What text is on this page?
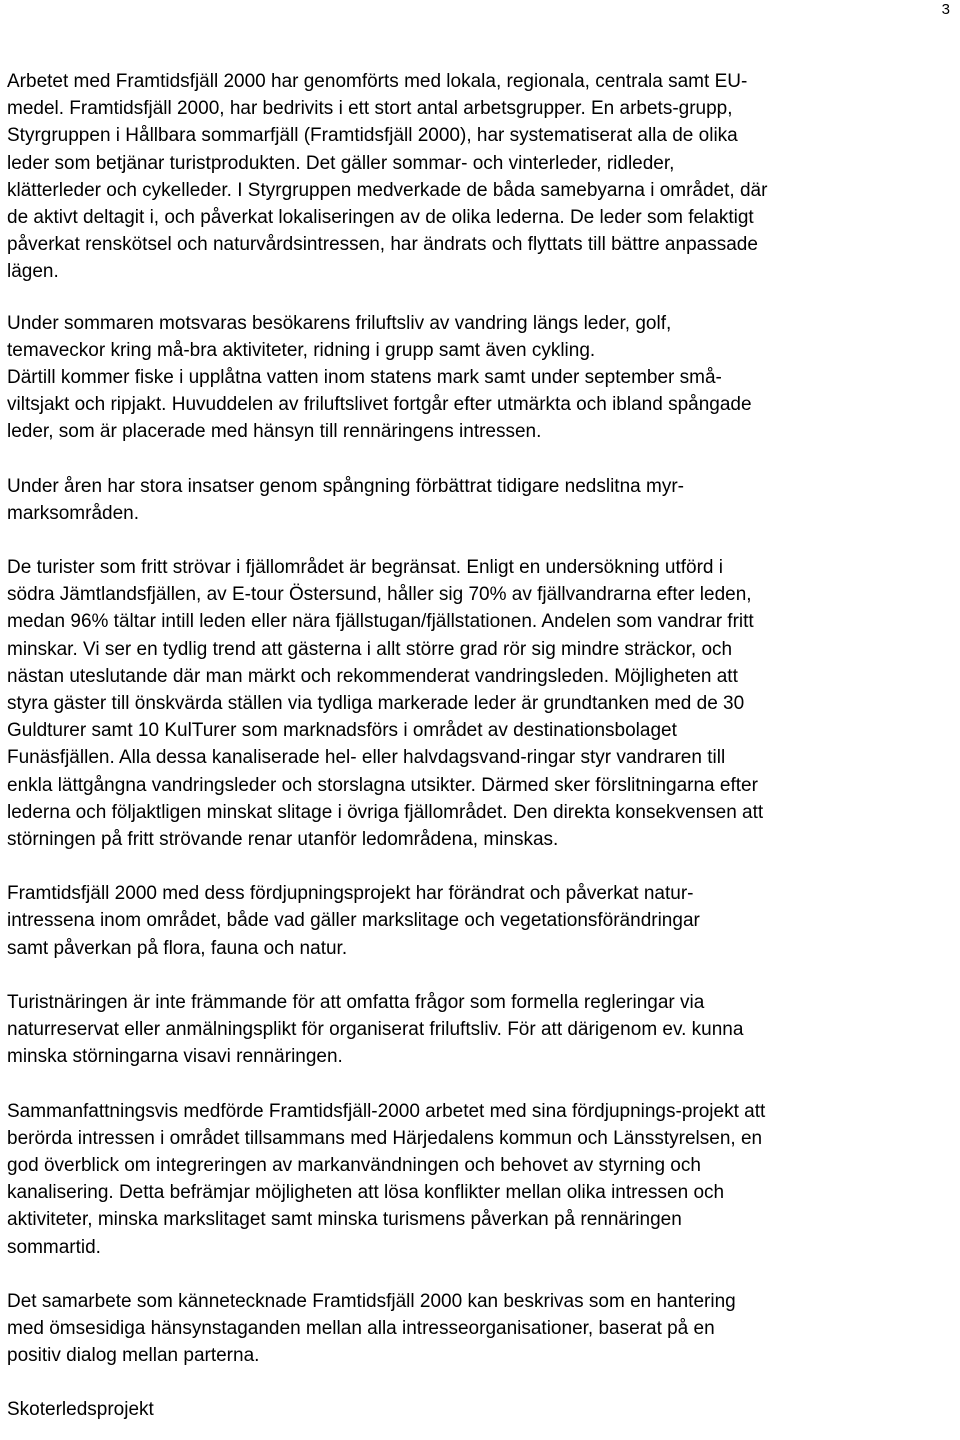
3

Arbetet med Framtidsfjäll 2000 har genomförts med lokala, regionala, centrala samt EU-
medel. Framtidsfjäll 2000, har bedrivits i ett stort antal arbetsgrupper. En arbets-grupp,
Styrgruppen i Hållbara sommarfjäll (Framtidsfjäll 2000), har systematiserat alla de olika
leder som betjänar turistprodukten. Det gäller sommar- och vinterleder, ridleder,
klätterleder och cykelleder. I Styrgruppen medverkade de båda samebyarna i området, där
de aktivt deltagit i, och påverkat lokaliseringen av de olika lederna. De leder som felaktigt
påverkat renskötsel och naturvårdsintressen, har ändrats och flyttats till bättre anpassade
lägen.

Under sommaren motsvaras besökarens friluftsliv av vandring längs leder, golf,
temaveckor kring må-bra aktiviteter, ridning i grupp samt även cykling.
Därtill kommer fiske i upplåtna vatten inom statens mark samt under september små-
viltsjakt och ripjakt. Huvuddelen av friluftslivet fortgår efter utmärkta och ibland spångade
leder, som är placerade med hänsyn till rennäringens intressen.

Under åren har stora insatser genom spångning förbättrat tidigare nedslitna myr-
marksområden.

De turister som fritt strövar i fjällområdet är begränsat. Enligt en undersökning utförd i
södra Jämtlandsfjällen, av E-tour Östersund, håller sig 70% av fjällvandrarna efter leden,
medan 96% tältar intill leden eller nära fjällstugan/fjällstationen. Andelen som vandrar fritt
minskar. Vi ser en tydlig trend att gästerna i allt större grad rör sig mindre sträckor, och
nästan uteslutande där man märkt och rekommenderat vandringsleden. Möjligheten att
styra gäster till önskvärda ställen via tydliga markerade leder är grundtanken med de 30
Guldturer samt 10 KulTurer som marknadsförs i området av destinationsbolaget
Funäsfjällen. Alla dessa kanaliserade hel- eller halvdagsvand-ringar styr vandraren till
enkla lättgångna vandringsleder och storslagna utsikter. Därmed sker förslitningarna efter
lederna och följaktligen minskat slitage i övriga fjällområdet. Den direkta konsekvensen att
störningen på fritt strövande renar utanför ledområdena, minskas.

Framtidsfjäll 2000 med dess fördjupningsprojekt har förändrat och påverkat natur-
intressena inom området, både vad gäller markslitage och vegetationsförändringar
samt påverkan på flora, fauna och natur.

Turistnäringen är inte främmande för att omfatta frågor som formella regleringar via
naturreservat eller anmälningsplikt för organiserat friluftsliv. För att därigenom ev. kunna
minska störningarna visavi rennäringen.

Sammanfattningsvis medförde Framtidsfjäll-2000 arbetet med sina fördjupnings-projekt att
berörda intressen i området tillsammans med Härjedalens kommun och Länsstyrelsen, en
god överblick om integreringen av markanvändningen och behovet av styrning och
kanalisering. Detta befrämjar möjligheten att lösa konflikter mellan olika intressen och
aktiviteter, minska markslitaget samt minska turismens påverkan på rennäringen
sommartid.

Det samarbete som kännetecknade Framtidsfjäll 2000 kan beskrivas som en hantering
med ömsesidiga hänsynstaganden mellan alla intresseorganisationer, baserat på en
positiv dialog mellan parterna.

Skoterledsprojekt
